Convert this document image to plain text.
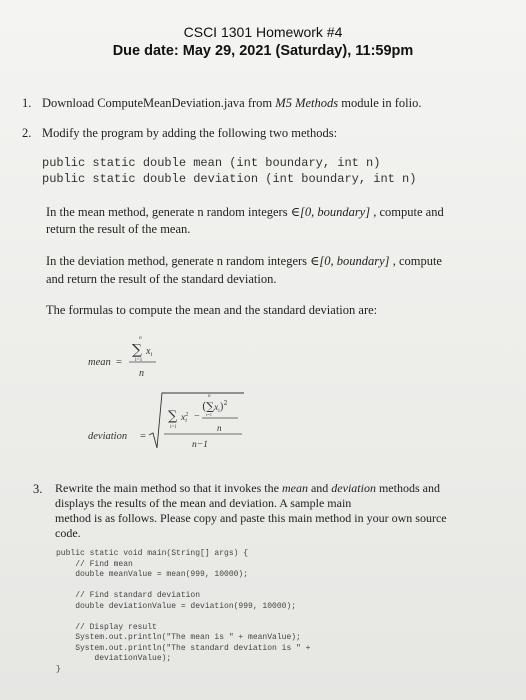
CSCI 1301 Homework #4
Due date: May 29, 2021 (Saturday), 11:59pm
1. Download ComputeMeanDeviation.java from M5 Methods module in folio.
2. Modify the program by adding the following two methods:
public static double mean (int boundary, int n)
public static double deviation (int boundary, int n)
In the mean method, generate n random integers ∈[0, boundary] , compute and
return the result of the mean.
In the deviation method, generate n random integers ∈[0, boundary] , compute
and return the result of the standard deviation.
The formulas to compute the mean and the standard deviation are:
mean =
n
∑ $x_i$
i=1
n
deviation =
∑ $x^2$ i
i=1
−
n
$(\sum xi)^2$
i=1
n
n−1
3. Rewrite the main method so that it invokes the mean and deviation methods and
displays the results of the mean and deviation. A sample main
method is as follows. Please copy and paste this main method in your own source
code.
public static void main(String[] args) {
// Find mean
double meanValue = mean(999, 10000);

// Find standard deviation
double deviationValue = deviation(999, 10000);

// Display result
System.out.println("The mean is " + meanValue);
System.out.println("The standard deviation is " +
deviationValue);
}
